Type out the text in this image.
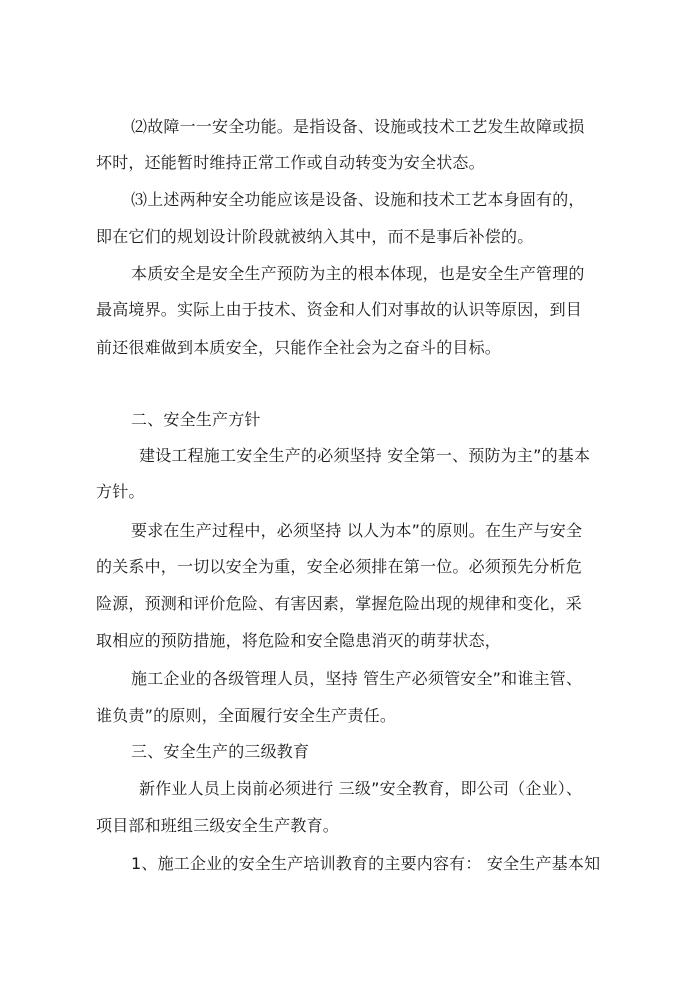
⑵故障一一安全功能。是指设备、设施或技术工艺发生故障或损
坏时，还能暂时维持正常工作或自动转变为安全状态。
⑶上述两种安全功能应该是设备、设施和技术工艺本身固有的，
即在它们的规划设计阶段就被纳入其中，而不是事后补偿的。
本质安全是安全生产预防为主的根本体现，也是安全生产管理的
最高境界。实际上由于技术、资金和人们对事故的认识等原因，到目
前还很难做到本质安全，只能作全社会为之奋斗的目标。
二、安全生产方针
建设工程施工安全生产的必须坚持 安全第一、预防为主”的基本
方针。
要求在生产过程中，必须坚持 以人为本”的原则。在生产与安全
的关系中，一切以安全为重，安全必须排在第一位。必须预先分析危
险源，预测和评价危险、有害因素，掌握危险出现的规律和变化，采
取相应的预防措施，将危险和安全隐患消灭的萌芽状态，
施工企业的各级管理人员，坚持 管生产必须管安全”和谁主管、
谁负责”的原则，全面履行安全生产责任。
三、安全生产的三级教育
新作业人员上岗前必须进行 三级”安全教育，即公司（企业）、
项目部和班组三级安全生产教育。
1、施工企业的安全生产培训教育的主要内容有： 安全生产基本知
